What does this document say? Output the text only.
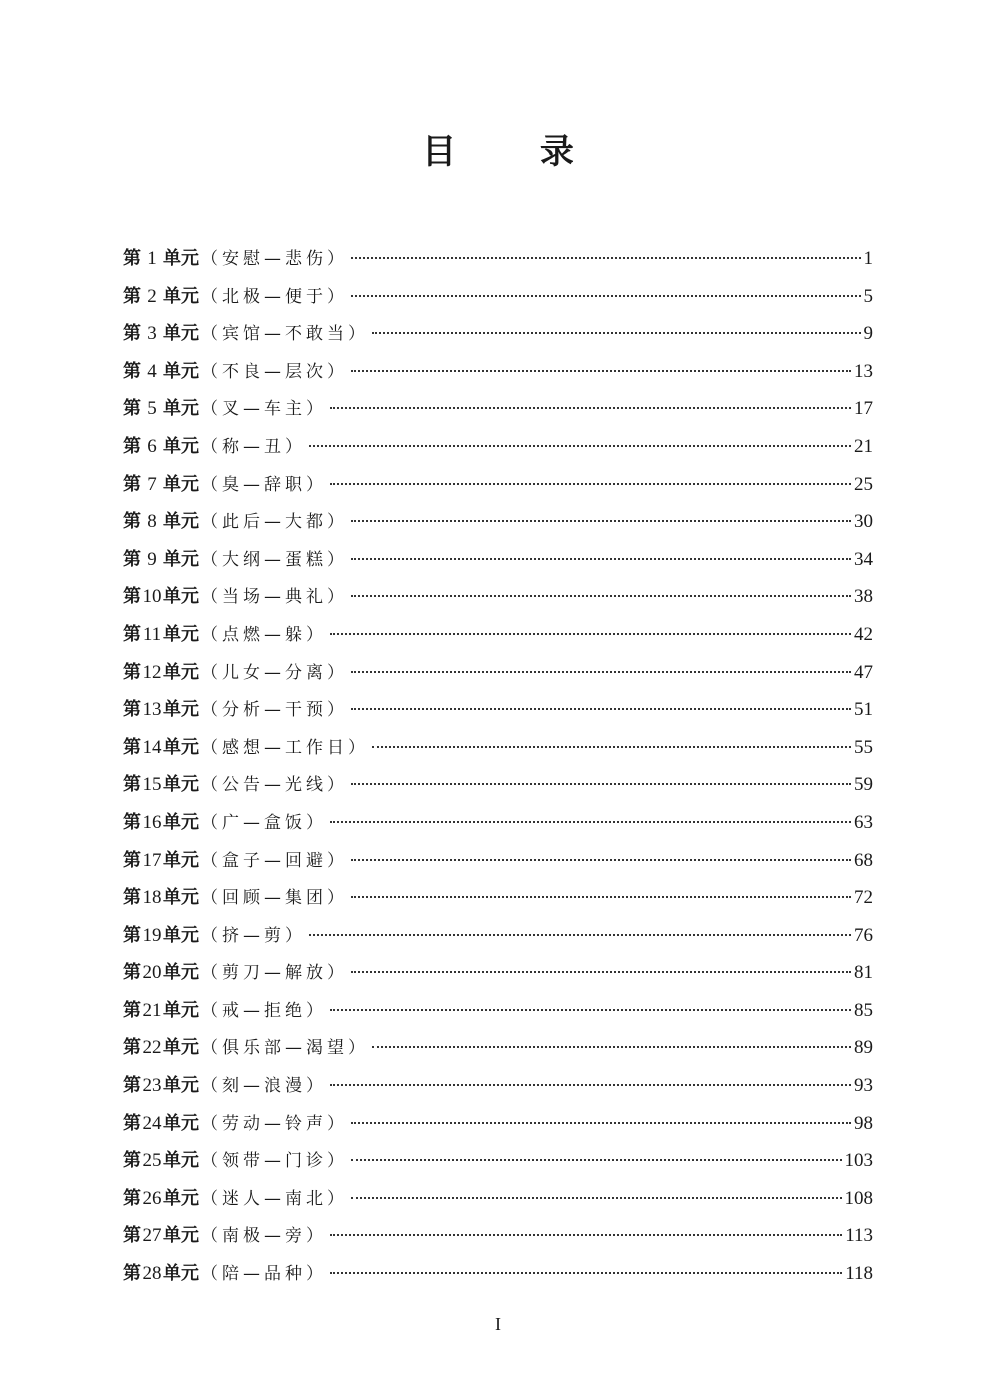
目 录
第 1 单元 （安慰—悲伤）	1
第 2 单元 （北极—便于）	5
第 3 单元 （宾馆—不敢当）	9
第 4 单元 （不良—层次）	13
第 5 单元 （叉—车主）	17
第 6 单元 （称—丑）	21
第 7 单元 （臭—辞职）	25
第 8 单元 （此后—大都）	30
第 9 单元 （大纲—蛋糕）	34
第10单元 （当场—典礼）	38
第11 单元 （点燃—躲）	42
第12单元 （儿女—分离）	47
第13单元 （分析—干预）	51
第14单元 （感想—工作日）	55
第15单元 （公告—光线）	59
第16单元 （广—盒饭）	63
第17单元 （盒子—回避）	68
第18单元 （回顾—集团）	72
第19单元 （挤—剪）	76
第20单元 （剪刀—解放）	81
第21单元 （戒—拒绝）	85
第22单元 （俱乐部—渴望）	89
第23单元 （刻—浪漫）	93
第24单元 （劳动—铃声）	98
第25单元 （领带—门诊）	103
第26单元 （迷人—南北）	108
第27单元 （南极—旁）	113
第28单元 （陪—品种）	118
I
